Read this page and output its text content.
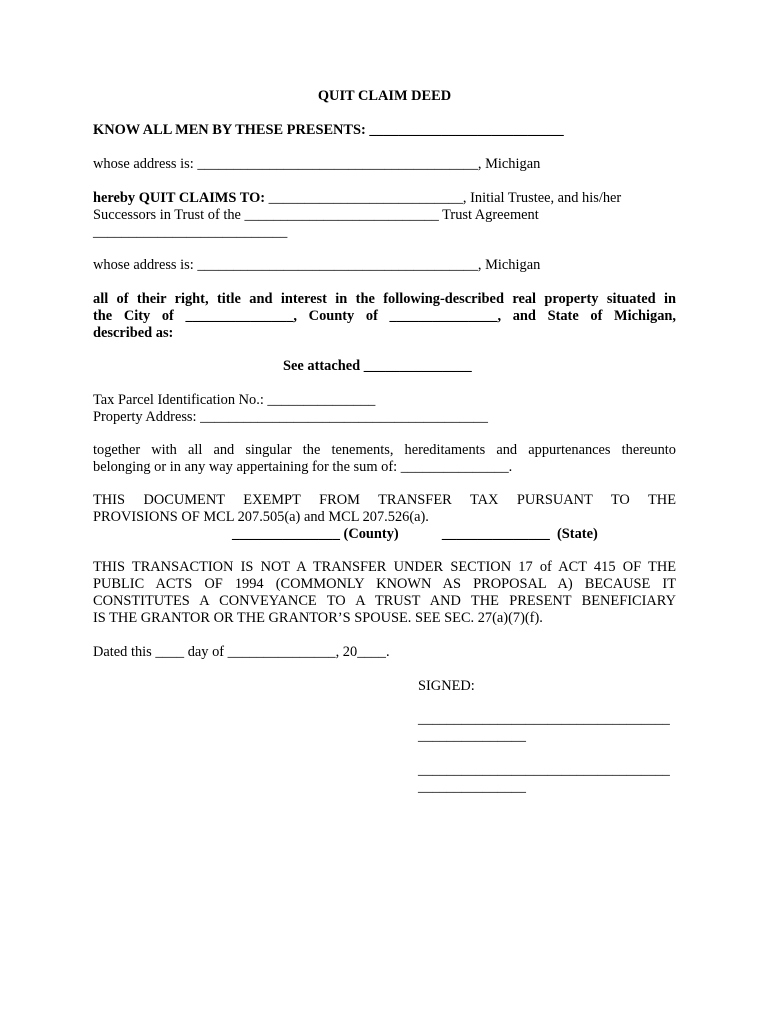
QUIT CLAIM DEED
KNOW ALL MEN BY THESE PRESENTS: ___________________________
whose address is: _______________________________________, Michigan
hereby QUIT CLAIMS TO: ___________________________, Initial Trustee, and his/her
Successors in Trust of the ___________________________ Trust Agreement
___________________________
whose address is: _______________________________________, Michigan
all of their right, title and interest in the following-described real property situated in
the City of _______________, County of _______________, and State of Michigan,
described as:
See attached _______________
Tax Parcel Identification No.: _______________
Property Address: ________________________________________
together with all and singular the tenements, hereditaments and appurtenances thereunto
belonging or in any way appertaining for the sum of: _______________.
THIS DOCUMENT EXEMPT FROM TRANSFER TAX PURSUANT TO THE
PROVISIONS OF MCL 207.505(a) and MCL 207.526(a).
_______________ (County)            _______________  (State)
THIS TRANSACTION IS NOT A TRANSFER UNDER SECTION 17 of ACT 415 OF THE
PUBLIC ACTS OF 1994 (COMMONLY KNOWN AS PROPOSAL A) BECAUSE IT
CONSTITUTES A CONVEYANCE TO A TRUST AND THE PRESENT BENEFICIARY
IS THE GRANTOR OR THE GRANTOR’S SPOUSE. SEE SEC. 27(a)(7)(f).
Dated this ____ day of _______________, 20____.
SIGNED:
___________________________________
_______________
___________________________________
_______________
